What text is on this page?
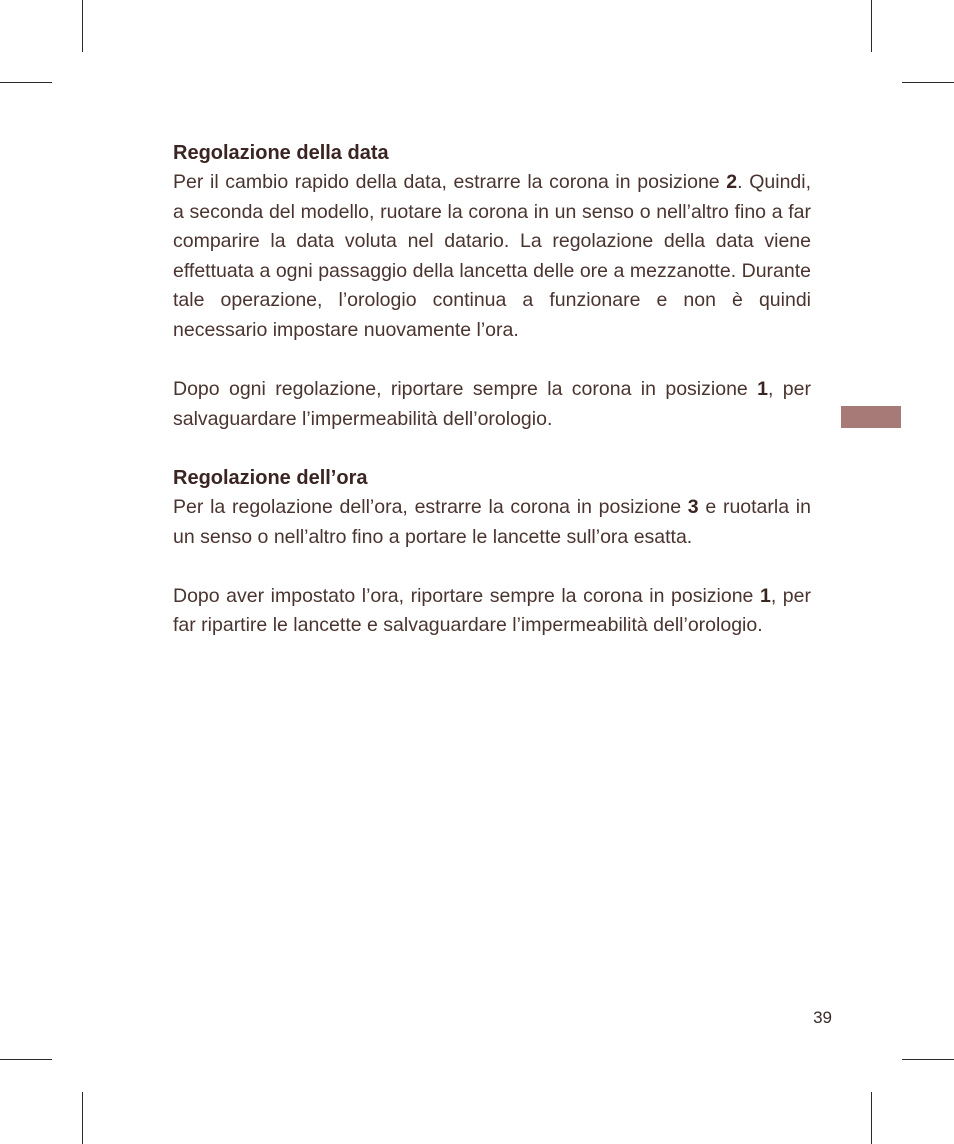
Regolazione della data
Per il cambio rapido della data, estrarre la corona in posizione 2. Quindi, a seconda del modello, ruotare la corona in un senso o nell’altro fino a far comparire la data voluta nel datario. La regolazione della data viene effettuata a ogni passaggio della lancetta delle ore a mezzanotte. Durante tale operazione, l’orologio continua a funzionare e non è quindi necessario impostare nuovamente l’ora.
Dopo ogni regolazione, riportare sempre la corona in posizione 1, per salvaguardare l’impermeabilità dell’orologio.
Regolazione dell’ora
Per la regolazione dell’ora, estrarre la corona in posizione 3 e ruotarla in un senso o nell’altro fino a portare le lancette sull’ora esatta.
Dopo aver impostato l’ora, riportare sempre la corona in posizione 1, per far ripartire le lancette e salvaguardare l’impermeabilità dell’orologio.
39
